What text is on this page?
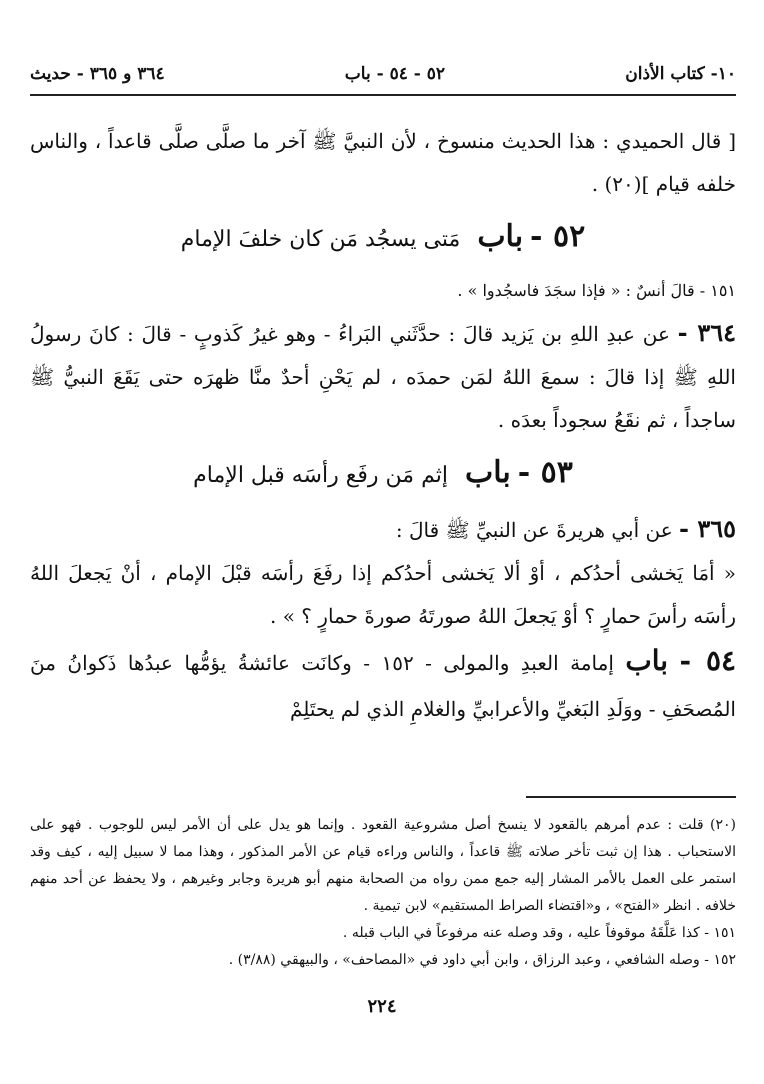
١٠- كتاب الأذان
٥٢ - ٥٤ - باب
٣٦٤ و ٣٦٥ - حديث

[ قال الحميدي : هذا الحديث منسوخ ، لأن النبيَّ ﷺ آخر ما صلَّى صلَّى قاعداً ، والناس خلفه قيام ](٢٠) .

٥٢ - باب مَتى يسجُد مَن كان خلفَ الإمام

١٥١ - قالَ أنسٌ : « فإذا سجَدَ فاسجُدوا » .

٣٦٤ - عن عبدِ اللهِ بن يَزيد قالَ : حدَّثَني البَراءُ - وهو غيرُ كَذوبٍ - قالَ : كانَ رسولُ اللهِ ﷺ إذا قالَ : سمعَ اللهُ لمَن حمدَه ، لم يَحْنِ أحدٌ منَّا ظهرَه حتى يَقَعَ النبيُّ ﷺ ساجداً ، ثم نقَعُ سجوداً بعدَه .

٥٣ - باب إثم مَن رفَع رأسَه قبل الإمام

٣٦٥ - عن أبي هريرةَ عن النبيِّ ﷺ قالَ :

« أمَا يَخشى أحدُكم ، أوْ ألا يَخشى أحدُكم إذا رفَعَ رأسَه قبْلَ الإمام ، أنْ يَجعلَ اللهُ رأسَه رأسَ حمارٍ ؟ أوْ يَجعلَ اللهُ صورتَهُ صورةَ حمارٍ ؟ » .

٥٤ - باب إمامة العبدِ والمولى - ١٥٢ - وكانَت عائشةُ يؤمُّها عبدُها ذَكوانُ منَ المُصحَفِ - ووَلَدِ البَغيِّ والأعرابيِّ والغلامِ الذي لم يحتَلِمْ

(٢٠) قلت : عدم أمرهم بالقعود لا ينسخ أصل مشروعية القعود . وإنما هو يدل على أن الأمر ليس للوجوب . فهو على الاستحباب . هذا إن ثبت تأخر صلاته ﷺ قاعداً ، والناس وراءه قيام عن الأمر المذكور ، وهذا مما لا سبيل إليه ، كيف وقد استمر على العمل بالأمر المشار إليه جمع ممن رواه من الصحابة منهم أبو هريرة وجابر وغيرهم ، ولا يحفظ عن أحد منهم خلافه . انظر «الفتح» ، و«اقتضاء الصراط المستقيم» لابن تيمية .

١٥١ - كذا عَلَّقَهُ موقوفاً عليه ، وقد وصله عنه مرفوعاً في الباب قبله .

١٥٢ - وصله الشافعي ، وعبد الرزاق ، وابن أبي داود في «المصاحف» ، والبيهقي (٣/٨٨) .

٢٢٤
